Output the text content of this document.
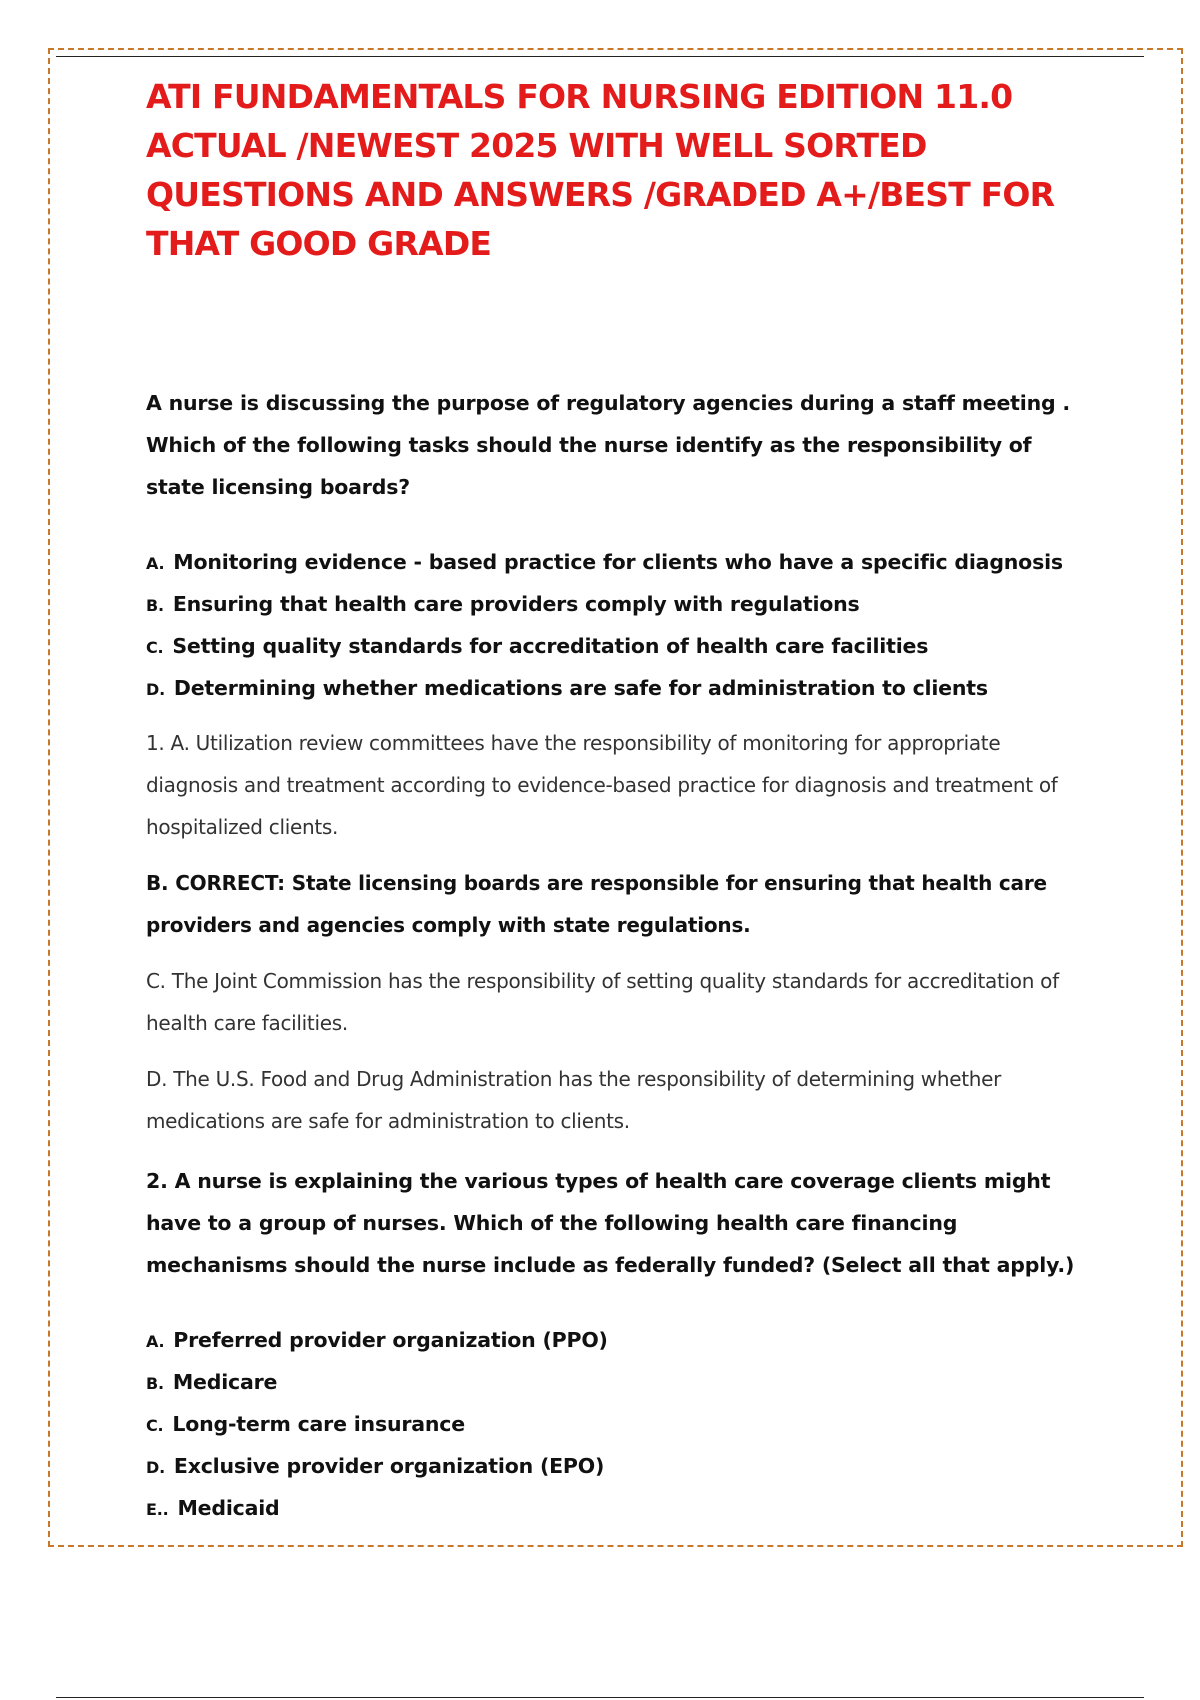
ATI FUNDAMENTALS FOR NURSING EDITION 11.0
ACTUAL /NEWEST 2025 WITH WELL SORTED
QUESTIONS AND ANSWERS /GRADED A+/BEST FOR
THAT GOOD GRADE

A nurse is discussing the purpose of regulatory agencies during a staff meeting . Which of the following tasks should the nurse identify as the responsibility of state licensing boards?

A. Monitoring evidence - based practice for clients who have a specific diagnosis
B. Ensuring that health care providers comply with regulations
C. Setting quality standards for accreditation of health care facilities
D. Determining whether medications are safe for administration to clients

1. A. Utilization review committees have the responsibility of monitoring for appropriate diagnosis and treatment according to evidence-based practice for diagnosis and treatment of hospitalized clients.

B. CORRECT: State licensing boards are responsible for ensuring that health care providers and agencies comply with state regulations.

C. The Joint Commission has the responsibility of setting quality standards for accreditation of health care facilities.

D. The U.S. Food and Drug Administration has the responsibility of determining whether medications are safe for administration to clients.

2. A nurse is explaining the various types of health care coverage clients might have to a group of nurses. Which of the following health care financing mechanisms should the nurse include as federally funded? (Select all that apply.)

A. Preferred provider organization (PPO)
B. Medicare
C. Long-term care insurance
D. Exclusive provider organization (EPO)
E.. Medicaid
